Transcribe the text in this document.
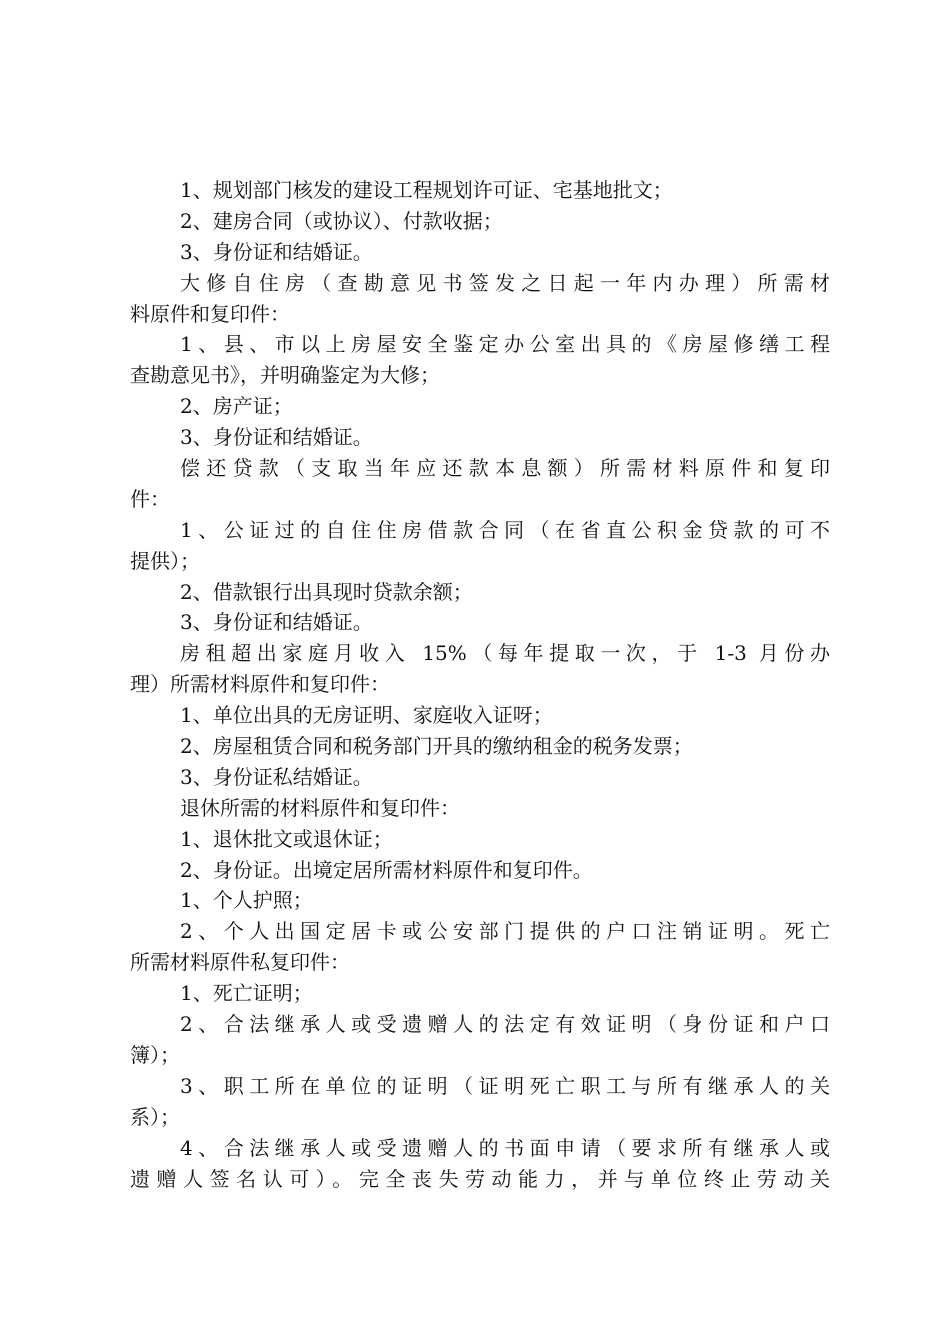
1、规划部门核发的建设工程规划许可证、宅基地批文；
2、建房合同（或协议）、付款收据；
3、身份证和结婚证。
大修自住房（查勘意见书签发之日起一年内办理）所需材
料原件和复印件：
1、县、市以上房屋安全鉴定办公室出具的《房屋修缮工程
查勘意见书》，并明确鉴定为大修；
2、房产证；
3、身份证和结婚证。
偿还贷款（支取当年应还款本息额）所需材料原件和复印
件：
1、公证过的自住住房借款合同（在省直公积金贷款的可不
提供）；
2、借款银行出具现时贷款余额；
3、身份证和结婚证。
房租超出家庭月收入 15%（每年提取一次，于 1-3 月份办
理）所需材料原件和复印件：
1、单位出具的无房证明、家庭收入证呀；
2、房屋租赁合同和税务部门开具的缴纳租金的税务发票；
3、身份证私结婚证。
退休所需的材料原件和复印件：
1、退休批文或退休证；
2、身份证。出境定居所需材料原件和复印件。
1、个人护照；
2、个人出国定居卡或公安部门提供的户口注销证明。死亡
所需材料原件私复印件：
1、死亡证明；
2、合法继承人或受遗赠人的法定有效证明（身份证和户口
簿）；
3、职工所在单位的证明（证明死亡职工与所有继承人的关
系）；
4、合法继承人或受遗赠人的书面申请（要求所有继承人或
遗赠人签名认可）。完全丧失劳动能力，并与单位终止劳动关
